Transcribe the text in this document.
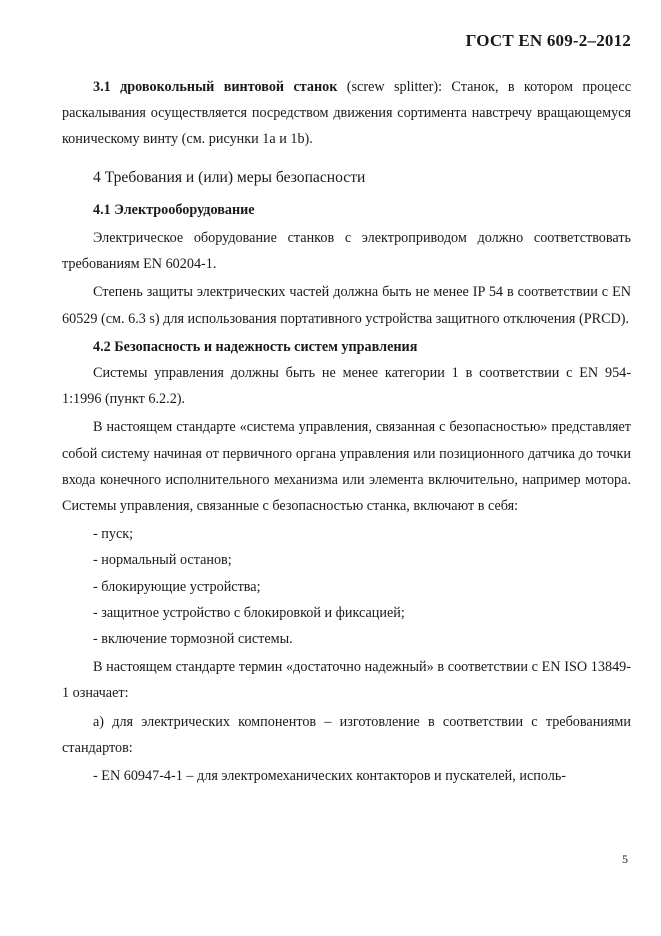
ГОСТ EN 609-2–2012

3.1 дровокольный винтовой станок (screw splitter): Станок, в котором процесс раскалывания осуществляется посредством движения сортимента навстречу вращающемуся коническому винту (см. рисунки 1a и 1b).

4 Требования и (или) меры безопасности

4.1 Электрооборудование

Электрическое оборудование станков с электроприводом должно соответствовать требованиям EN 60204-1.

Степень защиты электрических частей должна быть не менее IP 54 в соответствии с EN 60529 (см. 6.3 s) для использования портативного устройства защитного отключения (PRCD).

4.2 Безопасность и надежность систем управления

Системы управления должны быть не менее категории 1 в соответствии с EN 954-1:1996 (пункт 6.2.2).

В настоящем стандарте «система управления, связанная с безопасностью» представляет собой систему начиная от первичного органа управления или позиционного датчика до точки входа конечного исполнительного механизма или элемента включительно, например мотора. Системы управления, связанные с безопасностью станка, включают в себя:

- пуск;

- нормальный останов;

- блокирующие устройства;

- защитное устройство с блокировкой и фиксацией;

- включение тормозной системы.

В настоящем стандарте термин «достаточно надежный» в соответствии с EN ISO 13849-1 означает:

а) для электрических компонентов – изготовление в соответствии с требованиями стандартов:

- EN 60947-4-1 – для электромеханических контакторов и пускателей, исполь-

5
